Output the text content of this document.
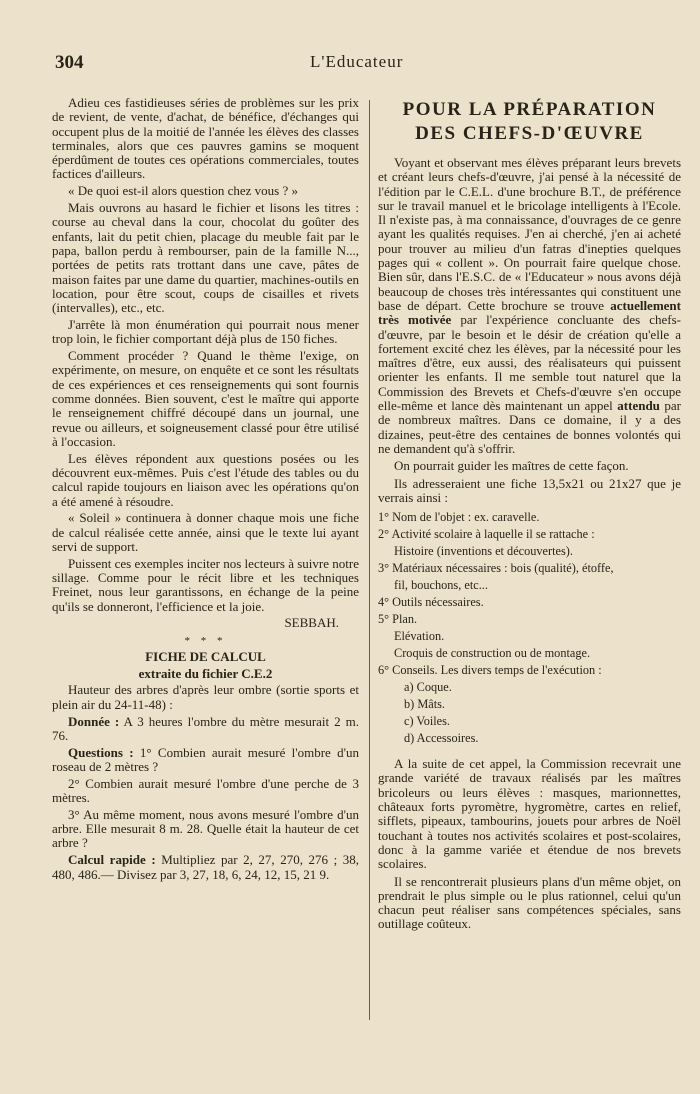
304	L'Educateur

Adieu ces fastidieuses séries de problèmes sur les prix de revient, de vente, d'achat, de bénéfice, d'échanges qui occupent plus de la moitié de l'année les élèves des classes terminales, alors que ces pauvres gamins se moquent éperdûment de toutes ces opérations commerciales, toutes factices d'ailleurs.

« De quoi est-il alors question chez vous ? »

Mais ouvrons au hasard le fichier et lisons les titres : course au cheval dans la cour, chocolat du goûter des enfants, lait du petit chien, placage du meuble fait par le papa, ballon perdu à rembourser, pain de la famille N..., portées de petits rats trottant dans une cave, pâtes de maison faites par une dame du quartier, machines-outils en location, pour être scout, coups de cisailles et rivets (intervalles), etc., etc.

J'arrête là mon énumération qui pourrait nous mener trop loin, le fichier comportant déjà plus de 150 fiches.

Comment procéder ? Quand le thème l'exige, on expérimente, on mesure, on enquête et ce sont les résultats de ces expériences et ces renseignements qui sont fournis comme données. Bien souvent, c'est le maître qui apporte le renseignement chiffré découpé dans un journal, une revue ou ailleurs, et soigneusement classé pour être utilisé à l'occasion.

Les élèves répondent aux questions posées ou les découvrent eux-mêmes. Puis c'est l'étude des tables ou du calcul rapide toujours en liaison avec les opérations qu'on a été amené à résoudre.

« Soleil » continuera à donner chaque mois une fiche de calcul réalisée cette année, ainsi que le texte lui ayant servi de support.

Puissent ces exemples inciter nos lecteurs à suivre notre sillage. Comme pour le récit libre et les techniques Freinet, nous leur garantissons, en échange de la peine qu'ils se donneront, l'efficience et la joie.

SEBBAH.

* * *

FICHE DE CALCUL

extraite du fichier C.E.2

Hauteur des arbres d'après leur ombre (sortie sports et plein air du 24-11-48) :

Donnée : A 3 heures l'ombre du mètre mesurait 2 m. 76.

Questions : 1° Combien aurait mesuré l'ombre d'un roseau de 2 mètres ?

2° Combien aurait mesuré l'ombre d'une perche de 3 mètres.

3° Au même moment, nous avons mesuré l'ombre d'un arbre. Elle mesurait 8 m. 28. Quelle était la hauteur de cet arbre ?

Calcul rapide : Multipliez par 2, 27, 270, 276 ; 38, 480, 486.— Divisez par 3, 27, 18, 6, 24, 12, 15, 21 9.

POUR LA PRÉPARATION
DES CHEFS-D'ŒUVRE

Voyant et observant mes élèves préparant leurs brevets et créant leurs chefs-d'œuvre, j'ai pensé à la nécessité de l'édition par le C.E.L. d'une brochure B.T., de préférence sur le travail manuel et le bricolage intelligents à l'Ecole. Il n'existe pas, à ma connaissance, d'ouvrages de ce genre ayant les qualités requises. J'en ai cherché, j'en ai acheté pour trouver au milieu d'un fatras d'inepties quelques pages qui « collent ». On pourrait faire quelque chose. Bien sûr, dans l'E.S.C. de « l'Educateur » nous avons déjà beaucoup de choses très intéressantes qui constituent une base de départ. Cette brochure se trouve actuellement très motivée par l'expérience concluante des chefs-d'œuvre, par le besoin et le désir de création qu'elle a fortement excité chez les élèves, par la nécessité pour les maîtres d'être, eux aussi, des réalisateurs qui puissent orienter les enfants. Il me semble tout naturel que la Commission des Brevets et Chefs-d'œuvre s'en occupe elle-même et lance dès maintenant un appel attendu par de nombreux maîtres. Dans ce domaine, il y a des dizaines, peut-être des centaines de bonnes volontés qui ne demandent qu'à s'offrir.

On pourrait guider les maîtres de cette façon.

Ils adresseraient une fiche 13,5x21 ou 21x27 que je verrais ainsi :

1° Nom de l'objet : ex. caravelle.

2° Activité scolaire à laquelle il se rattache :

Histoire (inventions et découvertes).

3° Matériaux nécessaires : bois (qualité), étoffe,

fil, bouchons, etc...

4° Outils nécessaires.

5° Plan.

Elévation.

Croquis de construction ou de montage.

6° Conseils. Les divers temps de l'exécution :

a) Coque.

b) Mâts.

c) Voiles.

d) Accessoires.

A la suite de cet appel, la Commission recevrait une grande variété de travaux réalisés par les maîtres bricoleurs ou leurs élèves : masques, marionnettes, châteaux forts pyromètre, hygromètre, cartes en relief, sifflets, pipeaux, tambourins, jouets pour arbres de Noël touchant à toutes nos activités scolaires et post-scolaires, donc à la gamme variée et étendue de nos brevets scolaires.

Il se rencontrerait plusieurs plans d'un même objet, on prendrait le plus simple ou le plus rationnel, celui qu'un chacun peut réaliser sans compétences spéciales, sans outillage coûteux.
